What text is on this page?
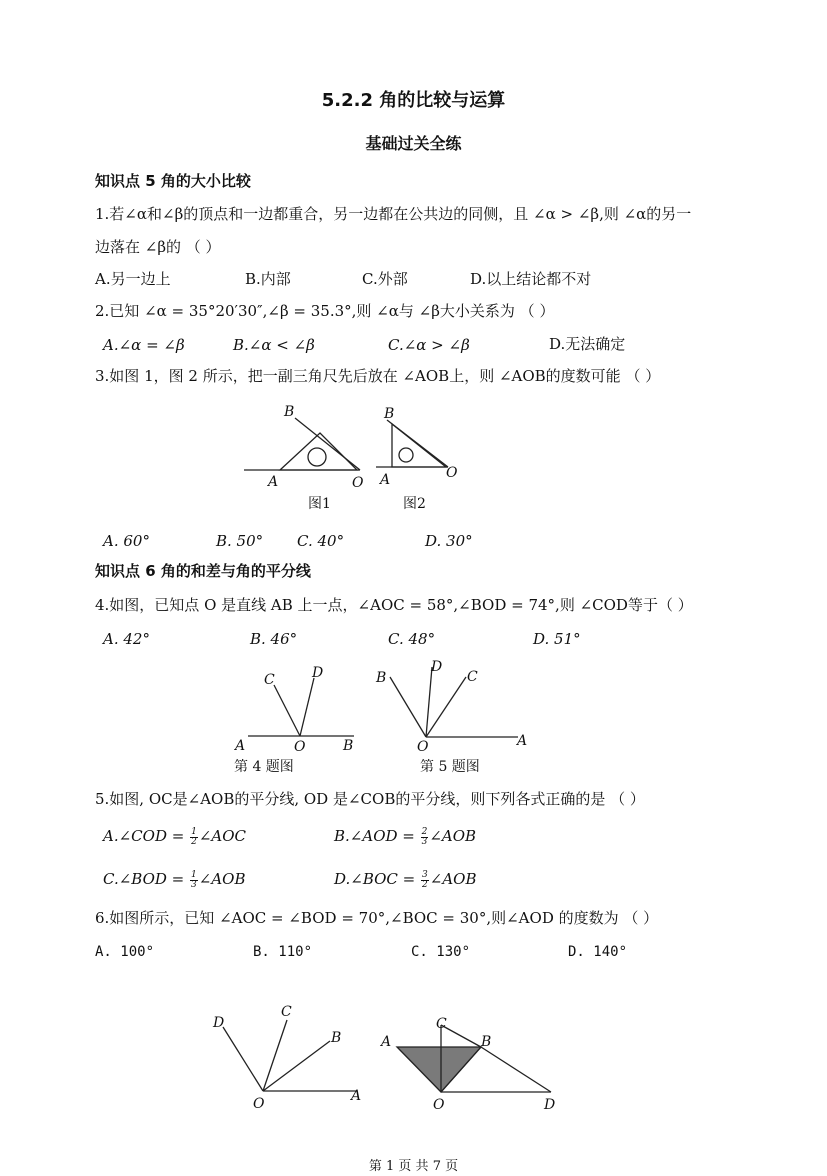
5.2.2 角的比较与运算
基础过关全练
知识点 5 角的大小比较
1.若∠α和∠β的顶点和一边都重合，另一边都在公共边的同侧，且 ∠α > ∠β,则 ∠α的另一
边落在 ∠β的 （ ）
A.另一边上	B.内部	C.外部	D.以上结论都不对
2.已知 ∠α = 35°20′30″,∠β = 35.3°,则 ∠α与 ∠β大小关系为 （ ）
A.∠α = ∠β	B.∠α < ∠β	C.∠α > ∠β	D.无法确定
3.如图 1，图 2 所示，把一副三角尺先后放在 ∠AOB上，则 ∠AOB的度数可能 （ ）
B
A	O
图1
B
A	O
图2
A. 60°	B. 50° C. 40°	D. 30°
知识点 6 角的和差与角的平分线
4.如图，已知点 O 是直线 AB 上一点，∠AOC = 58°,∠BOD = 74°,则 ∠COD等于（ ）
A. 42°	B. 46°	C. 48°	D. 51°
C	D
A	O	B
第 4 题图
B
D
C
O	A
第 5 题图
5.如图, OC是∠AOB的平分线, OD 是∠COB的平分线，则下列各式正确的是 （ ）
A.∠COD = $\frac{1}{2}$ ∠AOC	B.∠AOD = $\frac{2}{3}$ ∠AOB
C.∠BOD = $\frac{1}{3}$ ∠AOB	D.∠BOC = $\frac{3}{2}$ ∠AOB
6.如图所示，已知 ∠AOC = ∠BOD = 70°,∠BOC = 30°,则∠AOD 的度数为 （ ）
A. 100°	B. 110°	C. 130°	D. 140°
D
C
B
O	A
A
C
B
O	D
第 1 页 共 7 页
